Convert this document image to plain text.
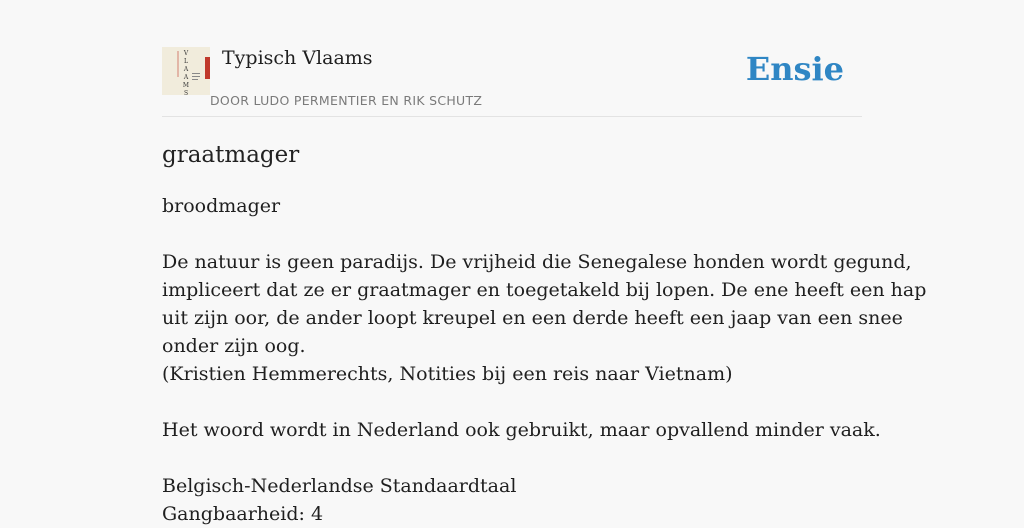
V
L
A
A
M
S
Typisch Vlaams
DOOR LUDO PERMENTIER EN RIK SCHUTZ
Ensie
graatmager
broodmager
De natuur is geen paradijs. De vrijheid die Senegalese honden wordt gegund,
impliceert dat ze er graatmager en toegetakeld bij lopen. De ene heeft een hap
uit zijn oor, de ander loopt kreupel en een derde heeft een jaap van een snee
onder zijn oog.
(Kristien Hemmerechts, Notities bij een reis naar Vietnam)
Het woord wordt in Nederland ook gebruikt, maar opvallend minder vaak.
Belgisch-Nederlandse Standaardtaal
Gangbaarheid: 4
